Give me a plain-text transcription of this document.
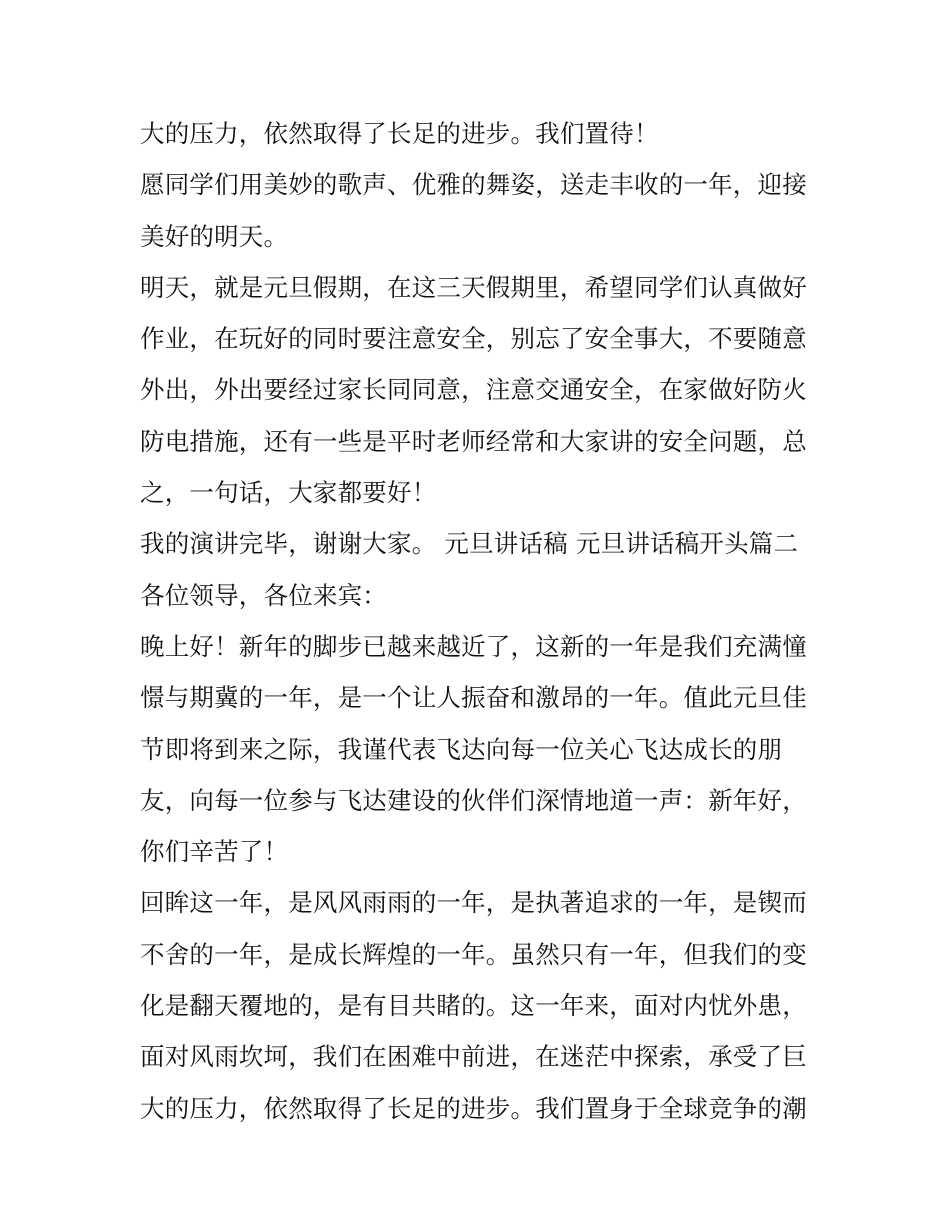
大的压力，依然取得了长足的进步。我们置待！
愿同学们用美妙的歌声、优雅的舞姿，送走丰收的一年，迎接
美好的明天。
明天，就是元旦假期，在这三天假期里，希望同学们认真做好
作业，在玩好的同时要注意安全，别忘了安全事大，不要随意
外出，外出要经过家长同同意，注意交通安全，在家做好防火
防电措施，还有一些是平时老师经常和大家讲的安全问题，总
之，一句话，大家都要好！
我的演讲完毕，谢谢大家。 元旦讲话稿 元旦讲话稿开头篇二
各位领导，各位来宾：
晚上好！新年的脚步已越来越近了，这新的一年是我们充满憧
憬与期冀的一年，是一个让人振奋和激昂的一年。值此元旦佳
节即将到来之际，我谨代表飞达向每一位关心飞达成长的朋
友，向每一位参与飞达建设的伙伴们深情地道一声：新年好，
你们辛苦了！
回眸这一年，是风风雨雨的一年，是执著追求的一年，是锲而
不舍的一年，是成长辉煌的一年。虽然只有一年，但我们的变
化是翻天覆地的，是有目共睹的。这一年来，面对内忧外患，
面对风雨坎坷，我们在困难中前进，在迷茫中探索，承受了巨
大的压力，依然取得了长足的进步。我们置身于全球竞争的潮
